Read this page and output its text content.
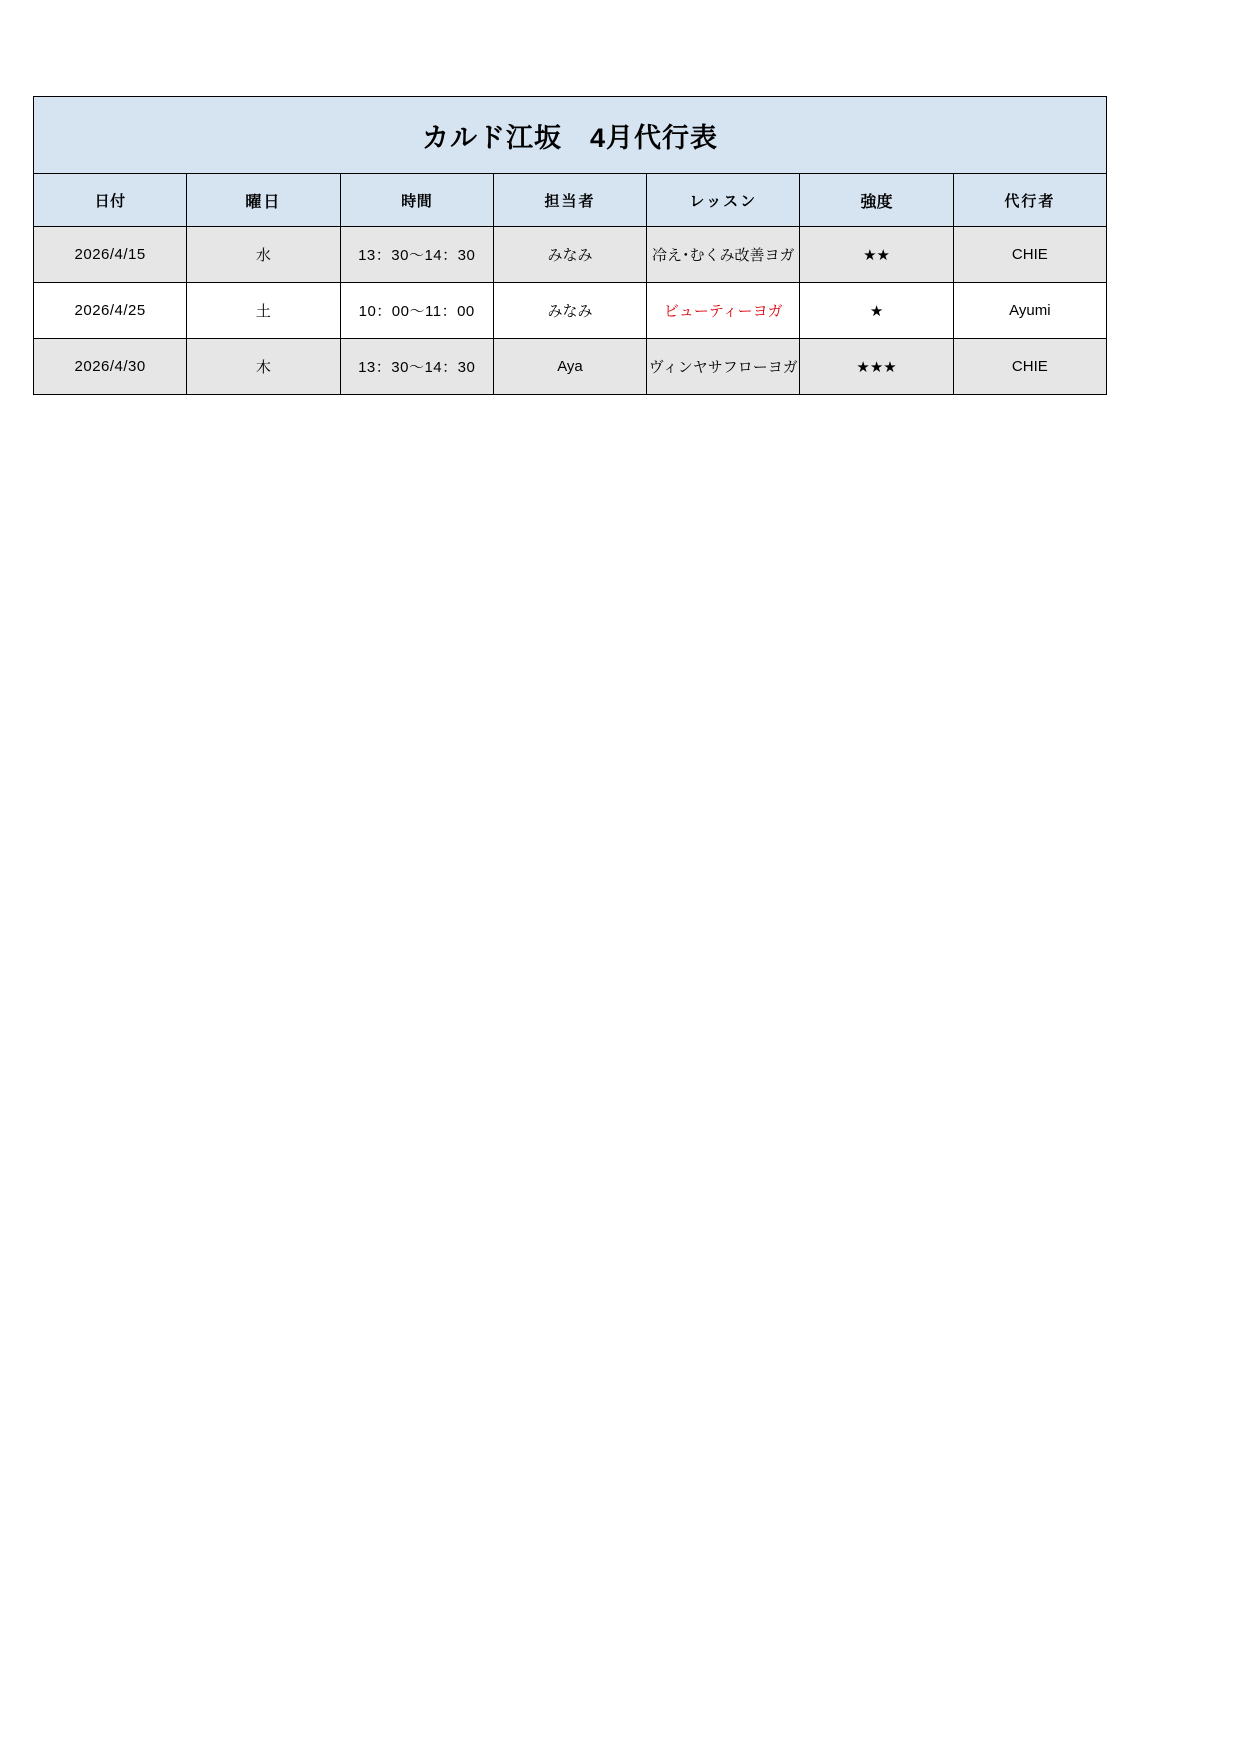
カルド江坂　4月代行表						
日付	曜日	時間	担当者	レッスン	強度	代行者
2026/4/15	水	13：30〜14：30	みなみ	冷え･むくみ改善ヨガ	★★	CHIE
2026/4/25	土	10：00〜11：00	みなみ	ビューティーヨガ	★	Ayumi
2026/4/30	木	13：30〜14：30	Aya	ヴィンヤサフローヨガ	★★★	CHIE
